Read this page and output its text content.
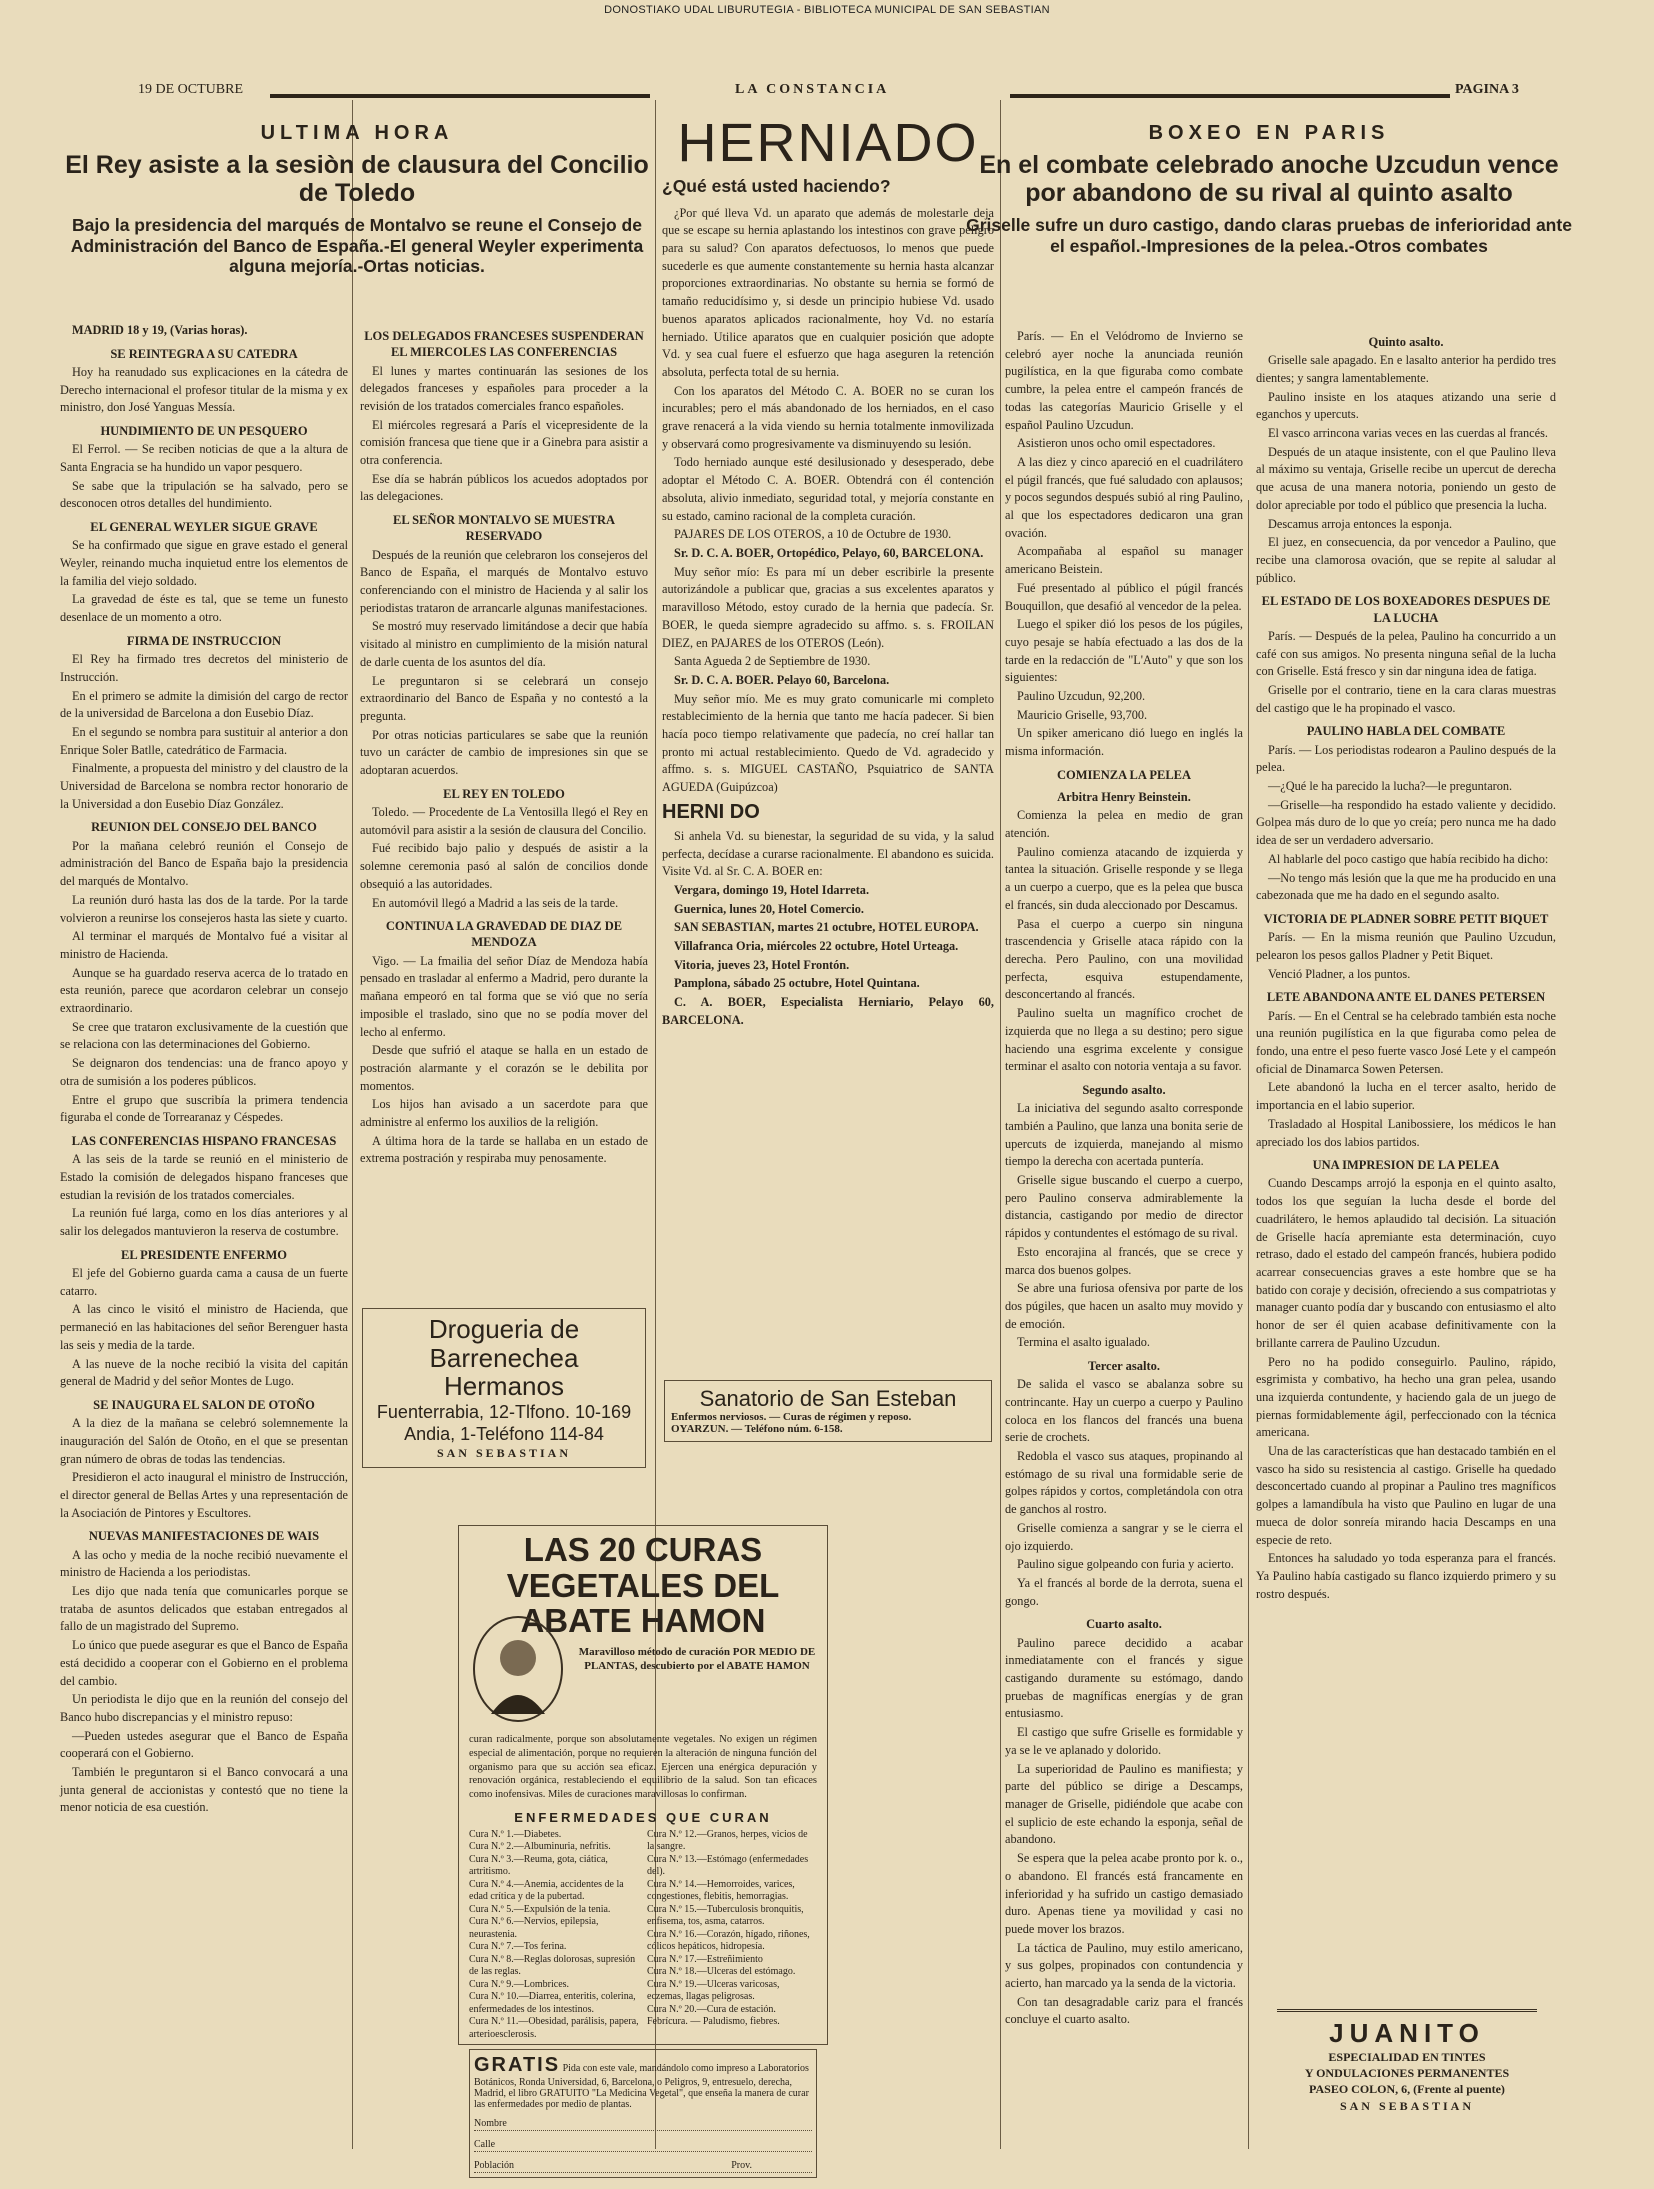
DONOSTIAKO UDAL LIBURUTEGIA - BIBLIOTECA MUNICIPAL DE SAN SEBASTIAN
19 DE OCTUBRE	LA CONSTANCIA	PAGINA 3
ULTIMA HORA
El Rey asiste a la sesiòn de clausura del Concilio de Toledo
Bajo la presidencia del marqués de Montalvo se reune el Consejo de Administración del Banco de España.-El general Weyler experimenta alguna mejoría.-Ortas noticias.

MADRID 18 y 19, (Varias horas).

SE REINTEGRA A SU CATEDRA

Hoy ha reanudado sus explicaciones en la cátedra de Derecho internacional el profesor titular de la misma y ex ministro, don José Yanguas Messía.

HUNDIMIENTO DE UN PESQUERO

El Ferrol. — Se reciben noticias de que a la altura de Santa Engracia se ha hundido un vapor pesquero.

Se sabe que la tripulación se ha salvado, pero se desconocen otros detalles del hundimiento.

EL GENERAL WEYLER SIGUE GRAVE

Se ha confirmado que sigue en grave estado el general Weyler, reinando mucha inquietud entre los elementos de la familia del viejo soldado.

La gravedad de éste es tal, que se teme un funesto desenlace de un momento a otro.

FIRMA DE INSTRUCCION

El Rey ha firmado tres decretos del ministerio de Instrucción.

En el primero se admite la dimisión del cargo de rector de la universidad de Barcelona a don Eusebio Díaz.

En el segundo se nombra para sustituir al anterior a don Enrique Soler Batlle, catedrático de Farmacia.

Finalmente, a propuesta del ministro y del claustro de la Universidad de Barcelona se nombra rector honorario de la Universidad a don Eusebio Díaz González.

REUNION DEL CONSEJO DEL BANCO

Por la mañana celebró reunión el Consejo de administración del Banco de España bajo la presidencia del marqués de Montalvo.

La reunión duró hasta las dos de la tarde. Por la tarde volvieron a reunirse los consejeros hasta las siete y cuarto.

Al terminar el marqués de Montalvo fué a visitar al ministro de Hacienda.

Aunque se ha guardado reserva acerca de lo tratado en esta reunión, parece que acordaron celebrar un consejo extraordinario.

Se cree que trataron exclusivamente de la cuestión que se relaciona con las determinaciones del Gobierno.

Se deignaron dos tendencias: una de franco apoyo y otra de sumisión a los poderes públicos.

Entre el grupo que suscribía la primera tendencia figuraba el conde de Torrearanaz y Céspedes.

LAS CONFERENCIAS HISPANO FRANCESAS

A las seis de la tarde se reunió en el ministerio de Estado la comisión de delegados hispano franceses que estudian la revisión de los tratados comerciales.

La reunión fué larga, como en los días anteriores y al salir los delegados mantuvieron la reserva de costumbre.

EL PRESIDENTE ENFERMO

El jefe del Gobierno guarda cama a causa de un fuerte catarro.

A las cinco le visitó el ministro de Hacienda, que permaneció en las habitaciones del señor Berenguer hasta las seis y media de la tarde.

A las nueve de la noche recibió la visita del capitán general de Madrid y del señor Montes de Lugo.

SE INAUGURA EL SALON DE OTOÑO

A la diez de la mañana se celebró solemnemente la inauguración del Salón de Otoño, en el que se presentan gran número de obras de todas las tendencias.

Presidieron el acto inaugural el ministro de Instrucción, el director general de Bellas Artes y una representación de la Asociación de Pintores y Escultores.

NUEVAS MANIFESTACIONES DE WAIS

A las ocho y media de la noche recibió nuevamente el ministro de Hacienda a los periodistas.

Les dijo que nada tenía que comunicarles porque se trataba de asuntos delicados que estaban entregados al fallo de un magistrado del Supremo.

Lo único que puede asegurar es que el Banco de España está decidido a cooperar con el Gobierno en el problema del cambio.

Un periodista le dijo que en la reunión del consejo del Banco hubo discrepancias y el ministro repuso:

—Pueden ustedes asegurar que el Banco de España cooperará con el Gobierno.

También le preguntaron si el Banco convocará a una junta general de accionistas y contestó que no tiene la menor noticia de esa cuestión.

LOS DELEGADOS FRANCESES SUSPENDERAN EL MIERCOLES LAS CONFERENCIAS

El lunes y martes continuarán las sesiones de los delegados franceses y españoles para proceder a la revisión de los tratados comerciales franco españoles.

El miércoles regresará a París el vicepresidente de la comisión francesa que tiene que ir a Ginebra para asistir a otra conferencia.

Ese día se habrán públicos los acuedos adoptados por las delegaciones.

EL SEÑOR MONTALVO SE MUESTRA RESERVADO

Después de la reunión que celebraron los consejeros del Banco de España, el marqués de Montalvo estuvo conferenciando con el ministro de Hacienda y al salir los periodistas trataron de arrancarle algunas manifestaciones.

Se mostró muy reservado limitándose a decir que había visitado al ministro en cumplimiento de la misión natural de darle cuenta de los asuntos del día.

Le preguntaron si se celebrará un consejo extraordinario del Banco de España y no contestó a la pregunta.

Por otras noticias particulares se sabe que la reunión tuvo un carácter de cambio de impresiones sin que se adoptaran acuerdos.

EL REY EN TOLEDO

Toledo. — Procedente de La Ventosilla llegó el Rey en automóvil para asistir a la sesión de clausura del Concilio.

Fué recibido bajo palio y después de asistir a la solemne ceremonia pasó al salón de concilios donde obsequió a las autoridades.

En automóvil llegó a Madrid a las seis de la tarde.

CONTINUA LA GRAVEDAD DE DIAZ DE MENDOZA

Vigo. — La fmailia del señor Díaz de Mendoza había pensado en trasladar al enfermo a Madrid, pero durante la mañana empeoró en tal forma que se vió que no sería imposible el traslado, sino que no se podía mover del lecho al enfermo.

Desde que sufrió el ataque se halla en un estado de postración alarmante y el corazón se le debilita por momentos.

Los hijos han avisado a un sacerdote para que administre al enfermo los auxilios de la religión.

A última hora de la tarde se hallaba en un estado de extrema postración y respiraba muy penosamente.

Drogueria de
Barrenechea Hermanos
Fuenterrabia, 12-Tlfono. 10-169
Andia, 1-Teléfono 114-84
SAN SEBASTIAN
HERNIADO
¿Qué está usted haciendo?

¿Por qué lleva Vd. un aparato que además de molestarle deja que se escape su hernia aplastando los intestinos con grave peligro para su salud? Con aparatos defectuosos, lo menos que puede sucederle es que aumente constantemente su hernia hasta alcanzar proporciones extraordinarias. No obstante su hernia se formó de tamaño reducidísimo y, si desde un principio hubiese Vd. usado buenos aparatos aplicados racionalmente, hoy Vd. no estaría herniado. Utilice aparatos que en cualquier posición que adopte Vd. y sea cual fuere el esfuerzo que haga aseguren la retención absoluta, perfecta total de su hernia.

Con los aparatos del Método C. A. BOER no se curan los incurables; pero el más abandonado de los herniados, en el caso grave renacerá a la vida viendo su hernia totalmente inmovilizada y observará como progresivamente va disminuyendo su lesión.

Todo herniado aunque esté desilusionado y desesperado, debe adoptar el Método C. A. BOER. Obtendrá con él contención absoluta, alivio inmediato, seguridad total, y mejoría constante en su estado, camino racional de la completa curación.

PAJARES DE LOS OTEROS, a 10 de Octubre de 1930.

Sr. D. C. A. BOER, Ortopédico, Pelayo, 60, BARCELONA.

Muy señor mío: Es para mí un deber escribirle la presente autorizándole a publicar que, gracias a sus excelentes aparatos y maravilloso Método, estoy curado de la hernia que padecía. Sr. BOER, le queda siempre agradecido su affmo. s. s. FROILAN DIEZ, en PAJARES de los OTEROS (León).

Santa Agueda 2 de Septiembre de 1930.

Sr. D. C. A. BOER. Pelayo 60, Barcelona.

Muy señor mío. Me es muy grato comunicarle mi completo restablecimiento de la hernia que tanto me hacía padecer. Si bien hacía poco tiempo relativamente que padecía, no creí hallar tan pronto mi actual restablecimiento. Quedo de Vd. agradecido y affmo. s. s. MIGUEL CASTAÑO, Psquiatrico de SANTA AGUEDA (Guipúzcoa)

HERNI DO

Si anhela Vd. su bienestar, la seguridad de su vida, y la salud perfecta, decídase a curarse racionalmente. El abandono es suicida. Visite Vd. al Sr. C. A. BOER en:

Vergara, domingo 19, Hotel Idarreta.

Guernica, lunes 20, Hotel Comercio.

SAN SEBASTIAN, martes 21 octubre, HOTEL EUROPA.

Villafranca Oria, miércoles 22 octubre, Hotel Urteaga.

Vitoria, jueves 23, Hotel Frontón.

Pamplona, sábado 25 octubre, Hotel Quintana.

C. A. BOER, Especialista Herniario, Pelayo 60, BARCELONA.

Sanatorio de San Esteban
Enfermos nerviosos. — Curas de régimen y reposo.
OYARZUN. — Teléfono núm. 6-158.
LAS 20 CURAS VEGETALES DEL ABATE HAMON
Maravilloso método de curación POR MEDIO DE PLANTAS, descubierto por el ABATE HAMON
curan radicalmente, porque son absolutamente vegetales. No exigen un régimen especial de alimentación, porque no requieren la alteración de ninguna función del organismo para que su acción sea eficaz. Ejercen una enérgica depuración y renovación orgánica, restableciendo el equilibrio de la salud. Son tan eficaces como inofensivas. Miles de curaciones maravillosas lo confirman.
ENFERMEDADES QUE CURAN
Cura N.º 1.—Diabetes.
Cura N.º 2.—Albuminuria, nefritis.
Cura N.º 3.—Reuma, gota, ciática, artritismo.
Cura N.º 4.—Anemia, accidentes de la edad crítica y de la pubertad.
Cura N.º 5.—Expulsión de la tenia.
Cura N.º 6.—Nervios, epilepsia, neurastenia.
Cura N.º 7.—Tos ferina.
Cura N.º 8.—Reglas dolorosas, supresión de las reglas.
Cura N.º 9.—Lombrices.
Cura N.º 10.—Diarrea, enteritis, colerina, enfermedades de los intestinos.
Cura N.º 11.—Obesidad, parálisis, papera, arterioesclerosis.
Cura N.º 12.—Granos, herpes, vicios de la sangre.
Cura N.º 13.—Estómago (enfermedades del).
Cura N.º 14.—Hemorroides, varices, congestiones, flebitis, hemorragias.
Cura N.º 15.—Tuberculosis bronquitis, enfisema, tos, asma, catarros.
Cura N.º 16.—Corazón, hígado, riñones, cólicos hepáticos, hidropesía.
Cura N.º 17.—Estreñimiento
Cura N.º 18.—Ulceras del estómago.
Cura N.º 19.—Ulceras varicosas, eczemas, llagas peligrosas.
Cura N.º 20.—Cura de estación.
Febrícura. — Paludismo, fiebres.
GRATIS Pida con este vale, mandándolo como impreso a Laboratorios Botánicos, Ronda Universidad, 6, Barcelona, o Peligros, 9, entresuelo, derecha, Madrid, el libro GRATUITO "La Medicina Vegetal", que enseña la manera de curar las enfermedades por medio de plantas.
Nombre
Calle
Población	Prov.
BOXEO EN PARIS
En el combate celebrado anoche Uzcudun vence por abandono de su rival al quinto asalto
Griselle sufre un duro castigo, dando claras pruebas de inferioridad ante el español.-Impresiones de la pelea.-Otros combates

París. — En el Velódromo de Invierno se celebró ayer noche la anunciada reunión pugilística, en la que figuraba como combate cumbre, la pelea entre el campeón francés de todas las categorías Mauricio Griselle y el español Paulino Uzcudun.

Asistieron unos ocho omil espectadores.

A las diez y cinco apareció en el cuadrilátero el púgil francés, que fué saludado con aplausos; y pocos segundos después subió al ring Paulino, al que los espectadores dedicaron una gran ovación.

Acompañaba al español su manager americano Beistein.

Fué presentado al público el púgil francés Bouquillon, que desafió al vencedor de la pelea.

Luego el spiker dió los pesos de los púgiles, cuyo pesaje se había efectuado a las dos de la tarde en la redacción de "L'Auto" y que son los siguientes:

Paulino Uzcudun, 92,200.

Mauricio Griselle, 93,700.

Un spiker americano dió luego en inglés la misma información.

COMIENZA LA PELEA
Arbitra Henry Beinstein.

Comienza la pelea en medio de gran atención.

Paulino comienza atacando de izquierda y tantea la situación. Griselle responde y se llega a un cuerpo a cuerpo, que es la pelea que busca el francés, sin duda aleccionado por Descamus.

Pasa el cuerpo a cuerpo sin ninguna trascendencia y Griselle ataca rápido con la derecha. Pero Paulino, con una movilidad perfecta, esquiva estupendamente, desconcertando al francés.

Paulino suelta un magnífico crochet de izquierda que no llega a su destino; pero sigue haciendo una esgrima excelente y consigue terminar el asalto con notoria ventaja a su favor.

Segundo asalto.

La iniciativa del segundo asalto corresponde también a Paulino, que lanza una bonita serie de upercuts de izquierda, manejando al mismo tiempo la derecha con acertada puntería.

Griselle sigue buscando el cuerpo a cuerpo, pero Paulino conserva admirablemente la distancia, castigando por medio de director rápidos y contundentes el estómago de su rival.

Esto encorajina al francés, que se crece y marca dos buenos golpes.

Se abre una furiosa ofensiva por parte de los dos púgiles, que hacen un asalto muy movido y de emoción.

Termina el asalto igualado.

Tercer asalto.

De salida el vasco se abalanza sobre su contrincante. Hay un cuerpo a cuerpo y Paulino coloca en los flancos del francés una buena serie de crochets.

Redobla el vasco sus ataques, propinando al estómago de su rival una formidable serie de golpes rápidos y cortos, completándola con otra de ganchos al rostro.

Griselle comienza a sangrar y se le cierra el ojo izquierdo.

Paulino sigue golpeando con furia y acierto.

Ya el francés al borde de la derrota, suena el gongo.

Cuarto asalto.

Paulino parece decidido a acabar inmediatamente con el francés y sigue castigando duramente su estómago, dando pruebas de magníficas energías y de gran entusiasmo.

El castigo que sufre Griselle es formidable y ya se le ve aplanado y dolorido.

La superioridad de Paulino es manifiesta; y parte del público se dirige a Descamps, manager de Griselle, pidiéndole que acabe con el suplicio de este echando la esponja, señal de abandono.

Se espera que la pelea acabe pronto por k. o., o abandono. El francés está francamente en inferioridad y ha sufrido un castigo demasiado duro. Apenas tiene ya movilidad y casi no puede mover los brazos.

La táctica de Paulino, muy estilo americano, y sus golpes, propinados con contundencia y acierto, han marcado ya la senda de la victoria.

Con tan desagradable cariz para el francés concluye el cuarto asalto.

Quinto asalto.

Griselle sale apagado. En e lasalto anterior ha perdido tres dientes; y sangra lamentablemente.

Paulino insiste en los ataques atizando una serie d eganchos y upercuts.

El vasco arrincona varias veces en las cuerdas al francés.

Después de un ataque insistente, con el que Paulino lleva al máximo su ventaja, Griselle recibe un upercut de derecha que acusa de una manera notoria, poniendo un gesto de dolor apreciable por todo el público que presencia la lucha.

Descamus arroja entonces la esponja.

El juez, en consecuencia, da por vencedor a Paulino, que recibe una clamorosa ovación, que se repite al saludar al público.

EL ESTADO DE LOS BOXEADORES DESPUES DE LA LUCHA

París. — Después de la pelea, Paulino ha concurrido a un café con sus amigos. No presenta ninguna señal de la lucha con Griselle. Está fresco y sin dar ninguna idea de fatiga.

Griselle por el contrario, tiene en la cara claras muestras del castigo que le ha propinado el vasco.

PAULINO HABLA DEL COMBATE

París. — Los periodistas rodearon a Paulino después de la pelea.

—¿Qué le ha parecido la lucha?—le preguntaron.

—Griselle—ha respondido ha estado valiente y decidido. Golpea más duro de lo que yo creía; pero nunca me ha dado idea de ser un verdadero adversario.

Al hablarle del poco castigo que había recibido ha dicho:

—No tengo más lesión que la que me ha producido en una cabezonada que me ha dado en el segundo asalto.

VICTORIA DE PLADNER SOBRE PETIT BIQUET

París. — En la misma reunión que Paulino Uzcudun, pelearon los pesos gallos Pladner y Petit Biquet.

Venció Pladner, a los puntos.

LETE ABANDONA ANTE EL DANES PETERSEN

París. — En el Central se ha celebrado también esta noche una reunión pugilística en la que figuraba como pelea de fondo, una entre el peso fuerte vasco José Lete y el campeón oficial de Dinamarca Sowen Petersen.

Lete abandonó la lucha en el tercer asalto, herido de importancia en el labio superior.

Trasladado al Hospital Lanibossiere, los médicos le han apreciado los dos labios partidos.

UNA IMPRESION DE LA PELEA

Cuando Descamps arrojó la esponja en el quinto asalto, todos los que seguían la lucha desde el borde del cuadrilátero, le hemos aplaudido tal decisión. La situación de Griselle hacía apremiante esta determinación, cuyo retraso, dado el estado del campeón francés, hubiera podido acarrear consecuencias graves a este hombre que se ha batido con coraje y decisión, ofreciendo a sus compatriotas y manager cuanto podía dar y buscando con entusiasmo el alto honor de ser él quien acabase definitivamente con la brillante carrera de Paulino Uzcudun.

Pero no ha podido conseguirlo. Paulino, rápido, esgrimista y combativo, ha hecho una gran pelea, usando una izquierda contundente, y haciendo gala de un juego de piernas formidablemente ágil, perfeccionado con la técnica americana.

Una de las características que han destacado también en el vasco ha sido su resistencia al castigo. Griselle ha quedado desconcertado cuando al propinar a Paulino tres magníficos golpes a lamandíbula ha visto que Paulino en lugar de una mueca de dolor sonreía mirando hacia Descamps en una especie de reto.

Entonces ha saludado yo toda esperanza para el francés. Ya Paulino había castigado su flanco izquierdo primero y su rostro después.

JUANITO
ESPECIALIDAD EN TINTES
Y ONDULACIONES PERMANENTES
PASEO COLON, 6, (Frente al puente)
SAN SEBASTIAN
